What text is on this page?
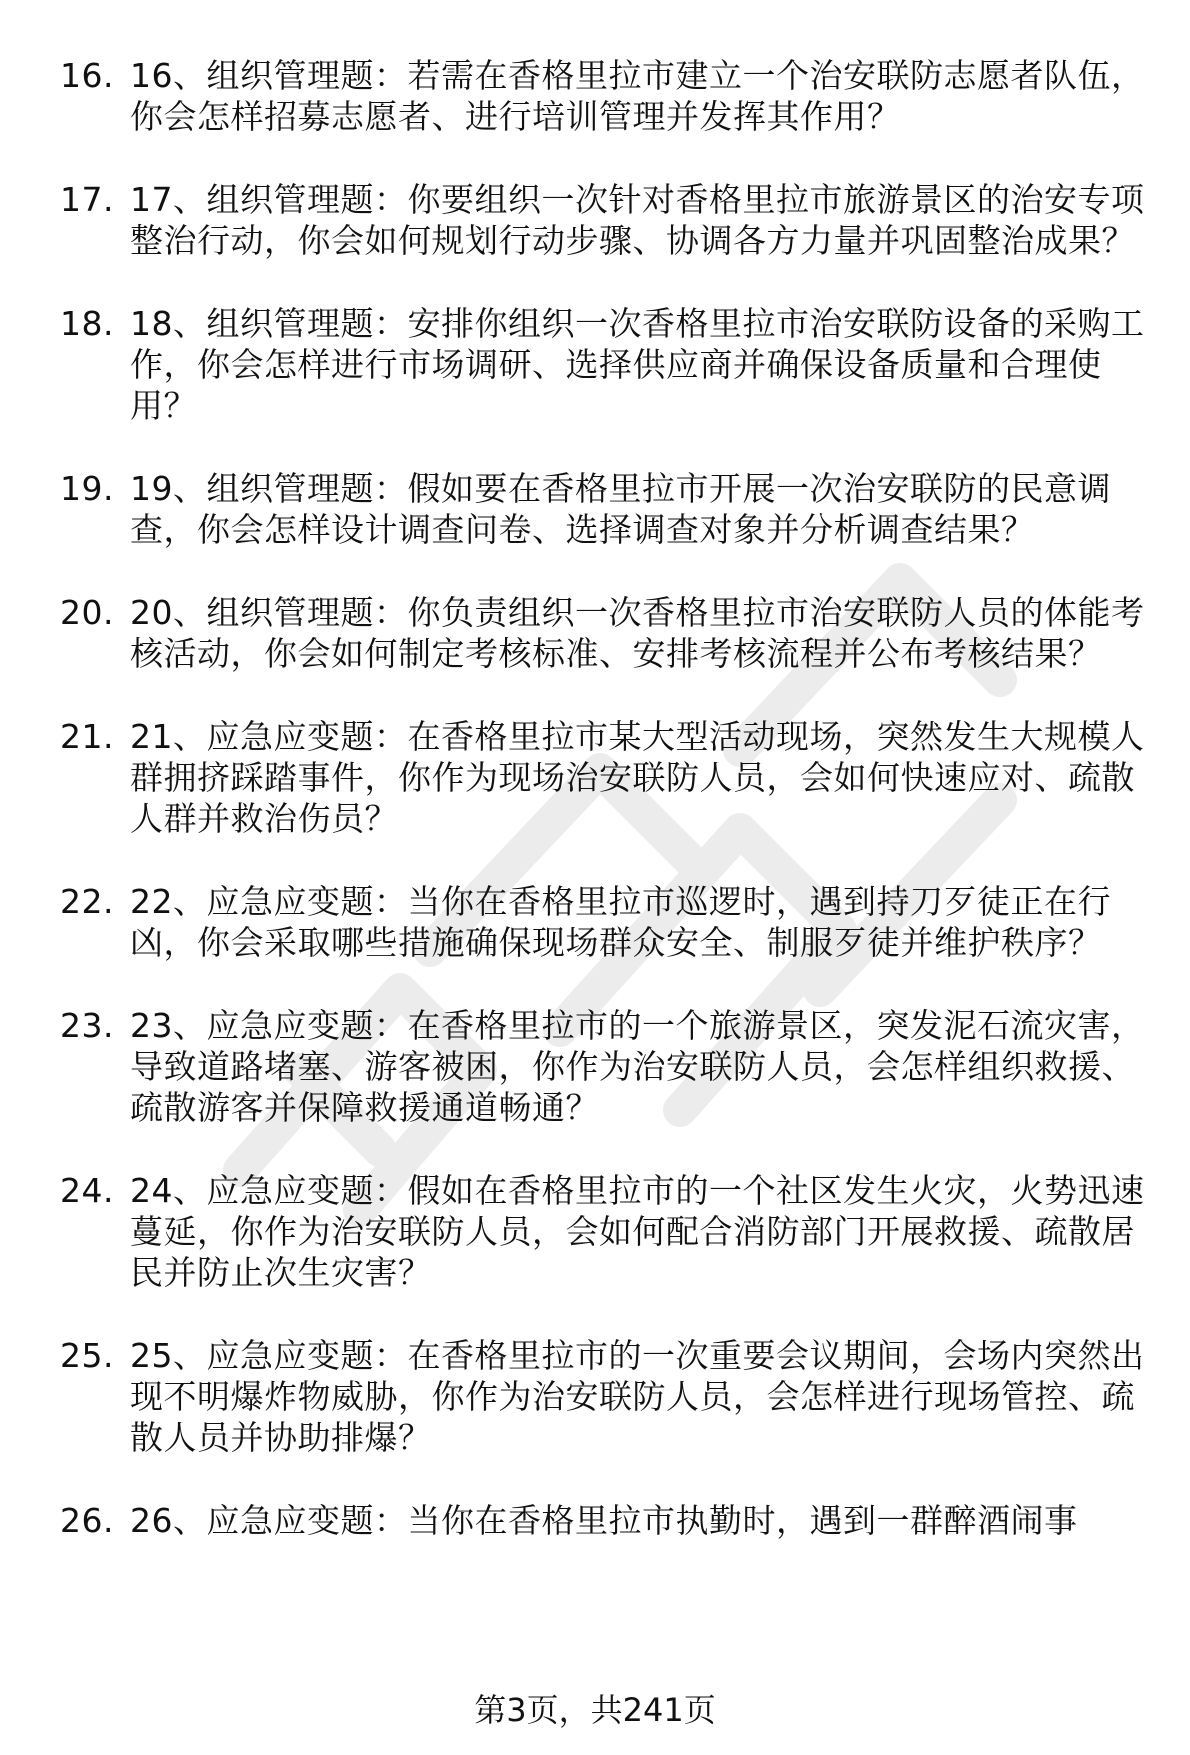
16. 16、组织管理题：若需在香格里拉市建立一个治安联防志愿者队伍，你会怎样招募志愿者、进行培训管理并发挥其作用？
17. 17、组织管理题：你要组织一次针对香格里拉市旅游景区的治安专项整治行动，你会如何规划行动步骤、协调各方力量并巩固整治成果？
18. 18、组织管理题：安排你组织一次香格里拉市治安联防设备的采购工作，你会怎样进行市场调研、选择供应商并确保设备质量和合理使用？
19. 19、组织管理题：假如要在香格里拉市开展一次治安联防的民意调查，你会怎样设计调查问卷、选择调查对象并分析调查结果？
20. 20、组织管理题：你负责组织一次香格里拉市治安联防人员的体能考核活动，你会如何制定考核标准、安排考核流程并公布考核结果？
21. 21、应急应变题：在香格里拉市某大型活动现场，突然发生大规模人群拥挤踩踏事件，你作为现场治安联防人员，会如何快速应对、疏散人群并救治伤员？
22. 22、应急应变题：当你在香格里拉市巡逻时，遇到持刀歹徒正在行凶，你会采取哪些措施确保现场群众安全、制服歹徒并维护秩序？
23. 23、应急应变题：在香格里拉市的一个旅游景区，突发泥石流灾害，导致道路堵塞、游客被困，你作为治安联防人员，会怎样组织救援、疏散游客并保障救援通道畅通？
24. 24、应急应变题：假如在香格里拉市的一个社区发生火灾，火势迅速蔓延，你作为治安联防人员，会如何配合消防部门开展救援、疏散居民并防止次生灾害？
25. 25、应急应变题：在香格里拉市的一次重要会议期间，会场内突然出现不明爆炸物威胁，你作为治安联防人员，会怎样进行现场管控、疏散人员并协助排爆？
26. 26、应急应变题：当你在香格里拉市执勤时，遇到一群醉酒闹事
第3页，共241页
